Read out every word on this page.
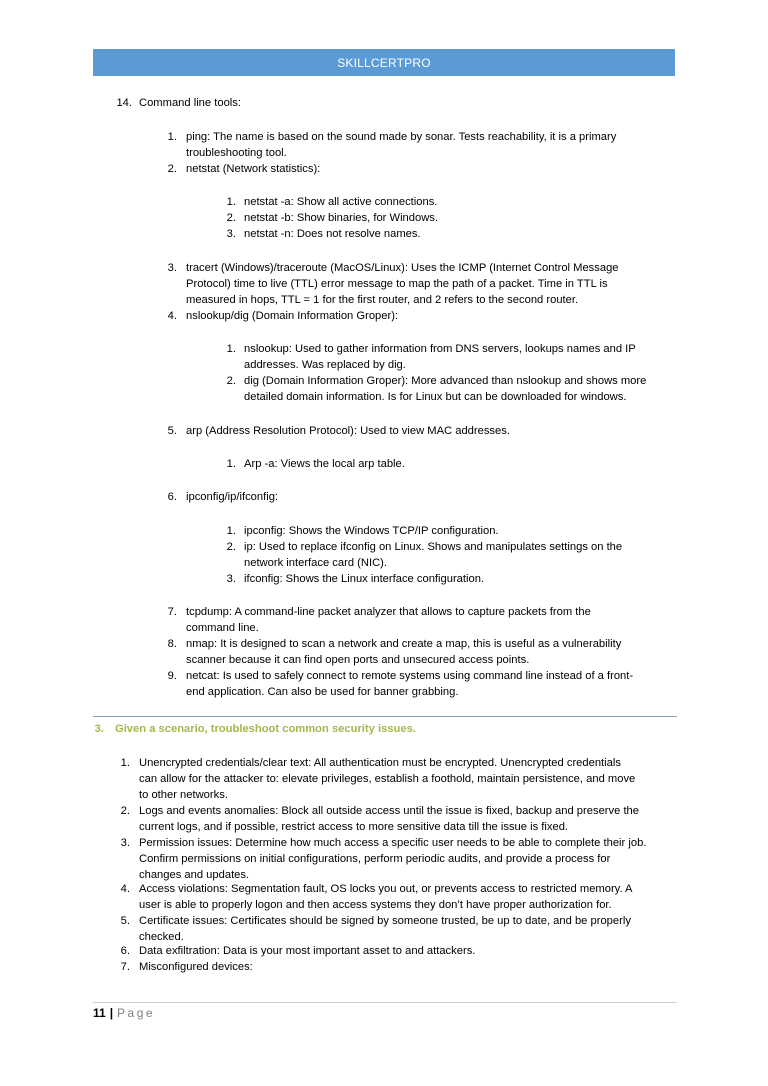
SKILLCERTPRO
14. Command line tools:
1. ping: The name is based on the sound made by sonar. Tests reachability, it is a primary
troubleshooting tool.
2. netstat (Network statistics):
1. netstat -a: Show all active connections.
2. netstat -b: Show binaries, for Windows.
3. netstat -n: Does not resolve names.
3. tracert (Windows)/traceroute (MacOS/Linux): Uses the ICMP (Internet Control Message
Protocol) time to live (TTL) error message to map the path of a packet. Time in TTL is
measured in hops, TTL = 1 for the first router, and 2 refers to the second router.
4. nslookup/dig (Domain Information Groper):
1. nslookup: Used to gather information from DNS servers, lookups names and IP
addresses. Was replaced by dig.
2. dig (Domain Information Groper): More advanced than nslookup and shows more
detailed domain information. Is for Linux but can be downloaded for windows.
5. arp (Address Resolution Protocol): Used to view MAC addresses.
1. Arp -a: Views the local arp table.
6. ipconfig/ip/ifconfig:
1. ipconfig: Shows the Windows TCP/IP configuration.
2. ip: Used to replace ifconfig on Linux. Shows and manipulates settings on the
network interface card (NIC).
3. ifconfig: Shows the Linux interface configuration.
7. tcpdump: A command-line packet analyzer that allows to capture packets from the
command line.
8. nmap: It is designed to scan a network and create a map, this is useful as a vulnerability
scanner because it can find open ports and unsecured access points.
9. netcat: Is used to safely connect to remote systems using command line instead of a front-
end application. Can also be used for banner grabbing.
3. Given a scenario, troubleshoot common security issues.
1. Unencrypted credentials/clear text: All authentication must be encrypted. Unencrypted credentials
can allow for the attacker to: elevate privileges, establish a foothold, maintain persistence, and move
to other networks.
2. Logs and events anomalies: Block all outside access until the issue is fixed, backup and preserve the
current logs, and if possible, restrict access to more sensitive data till the issue is fixed.
3. Permission issues: Determine how much access a specific user needs to be able to complete their job.
Confirm permissions on initial configurations, perform periodic audits, and provide a process for
changes and updates.
4. Access violations: Segmentation fault, OS locks you out, or prevents access to restricted memory. A
user is able to properly logon and then access systems they don’t have proper authorization for.
5. Certificate issues: Certificates should be signed by someone trusted, be up to date, and be properly
checked.
6. Data exfiltration: Data is your most important asset to and attackers.
7. Misconfigured devices:
11 | Page
